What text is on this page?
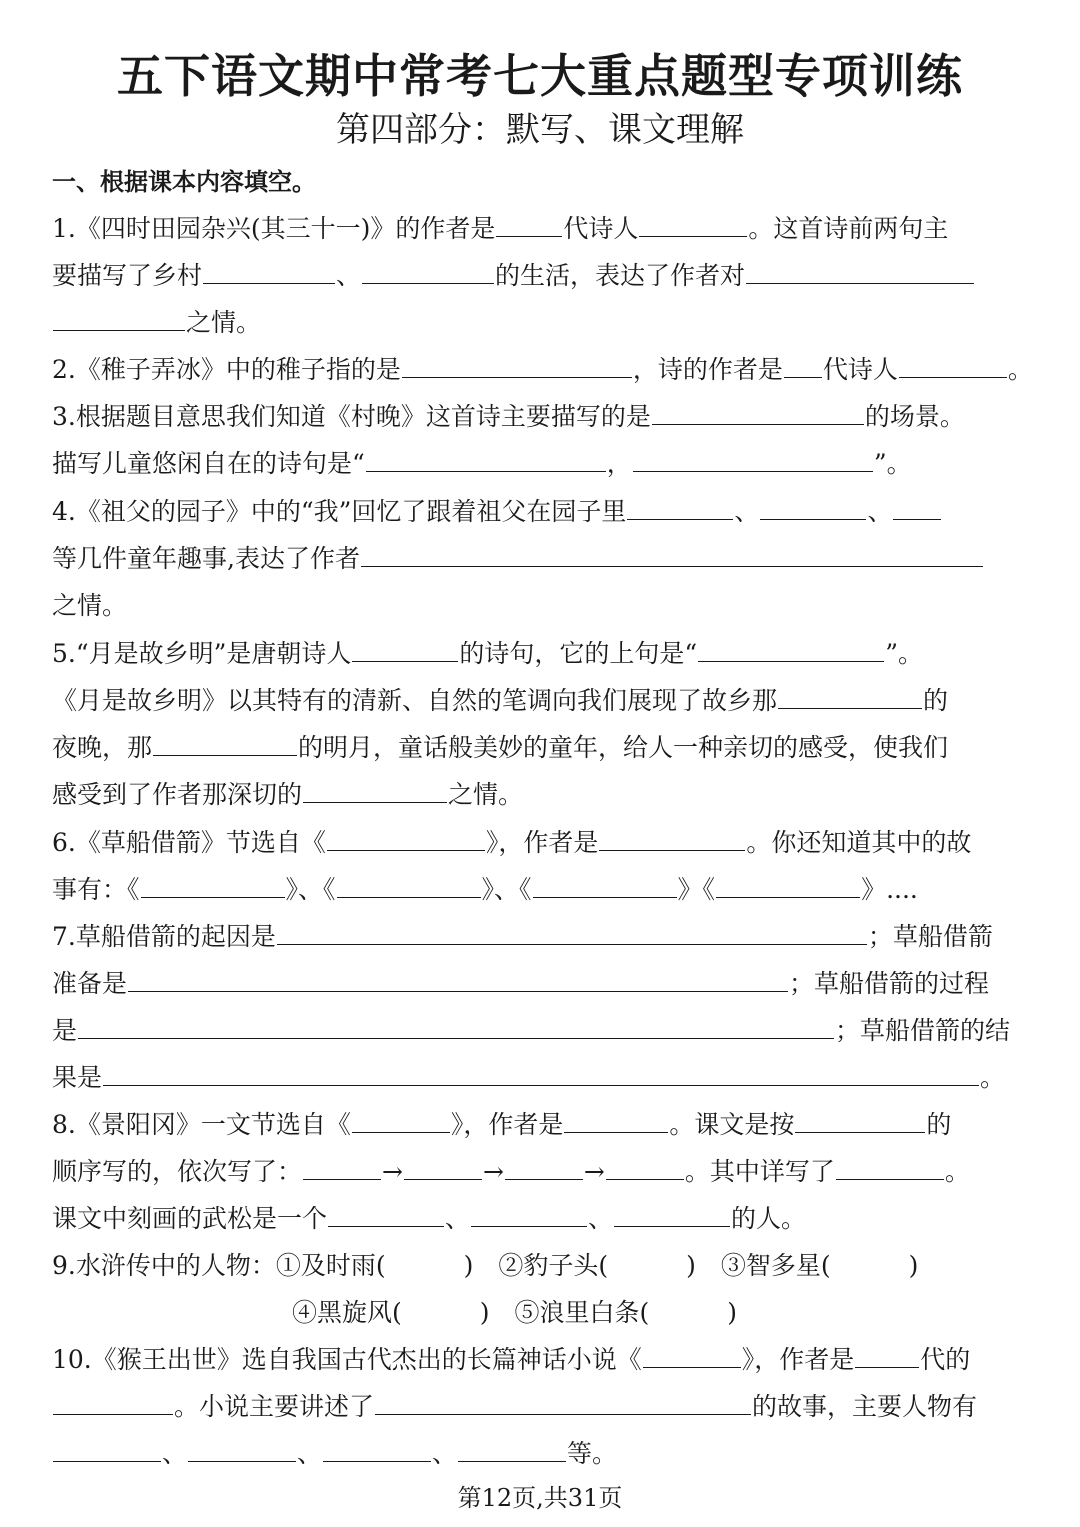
五下语文期中常考七大重点题型专项训练
第四部分：默写、课文理解
一、根据课本内容填空。
1.《四时田园杂兴(其三十一)》的作者是	代诗人	。这首诗前两句主
要描写了乡村	、	的生活，表达了作者对
之情。
2.《稚子弄冰》中的稚子指的是	，诗的作者是 代诗人	。
3.根据题目意思我们知道《村晚》这首诗主要描写的是	的场景。
描写儿童悠闲自在的诗句是“	，	”。
4.《祖父的园子》中的“我”回忆了跟着祖父在园子里	、	、
等几件童年趣事,表达了作者
之情。
5.“月是故乡明”是唐朝诗人	的诗句，它的上句是“	”。
《月是故乡明》以其特有的清新、自然的笔调向我们展现了故乡那	的
夜晚，那	的明月，童话般美妙的童年，给人一种亲切的感受，使我们
感受到了作者那深切的	之情。
6.《草船借箭》节选自《	》，作者是	。你还知道其中的故
事有：《	》、《	》、《	》《	》....
7.草船借箭的起因是	；草船借箭
准备是	；草船借箭的过程
是	；草船借箭的结
果是	。
8.《景阳冈》一文节选自《	》，作者是	。课文是按	的
顺序写的，依次写了：	→	→	→	。其中详写了	。
课文中刻画的武松是一个	、	、	的人。
9.水浒传中的人物：①及时雨(	)　②豹子头(	)　③智多星(	)
④黑旋风(	)　⑤浪里白条(	)
10.《猴王出世》选自我国古代杰出的长篇神话小说《	》，作者是	代的
。小说主要讲述了	的故事，主要人物有
、	、	、	等。
第12页,共31页
